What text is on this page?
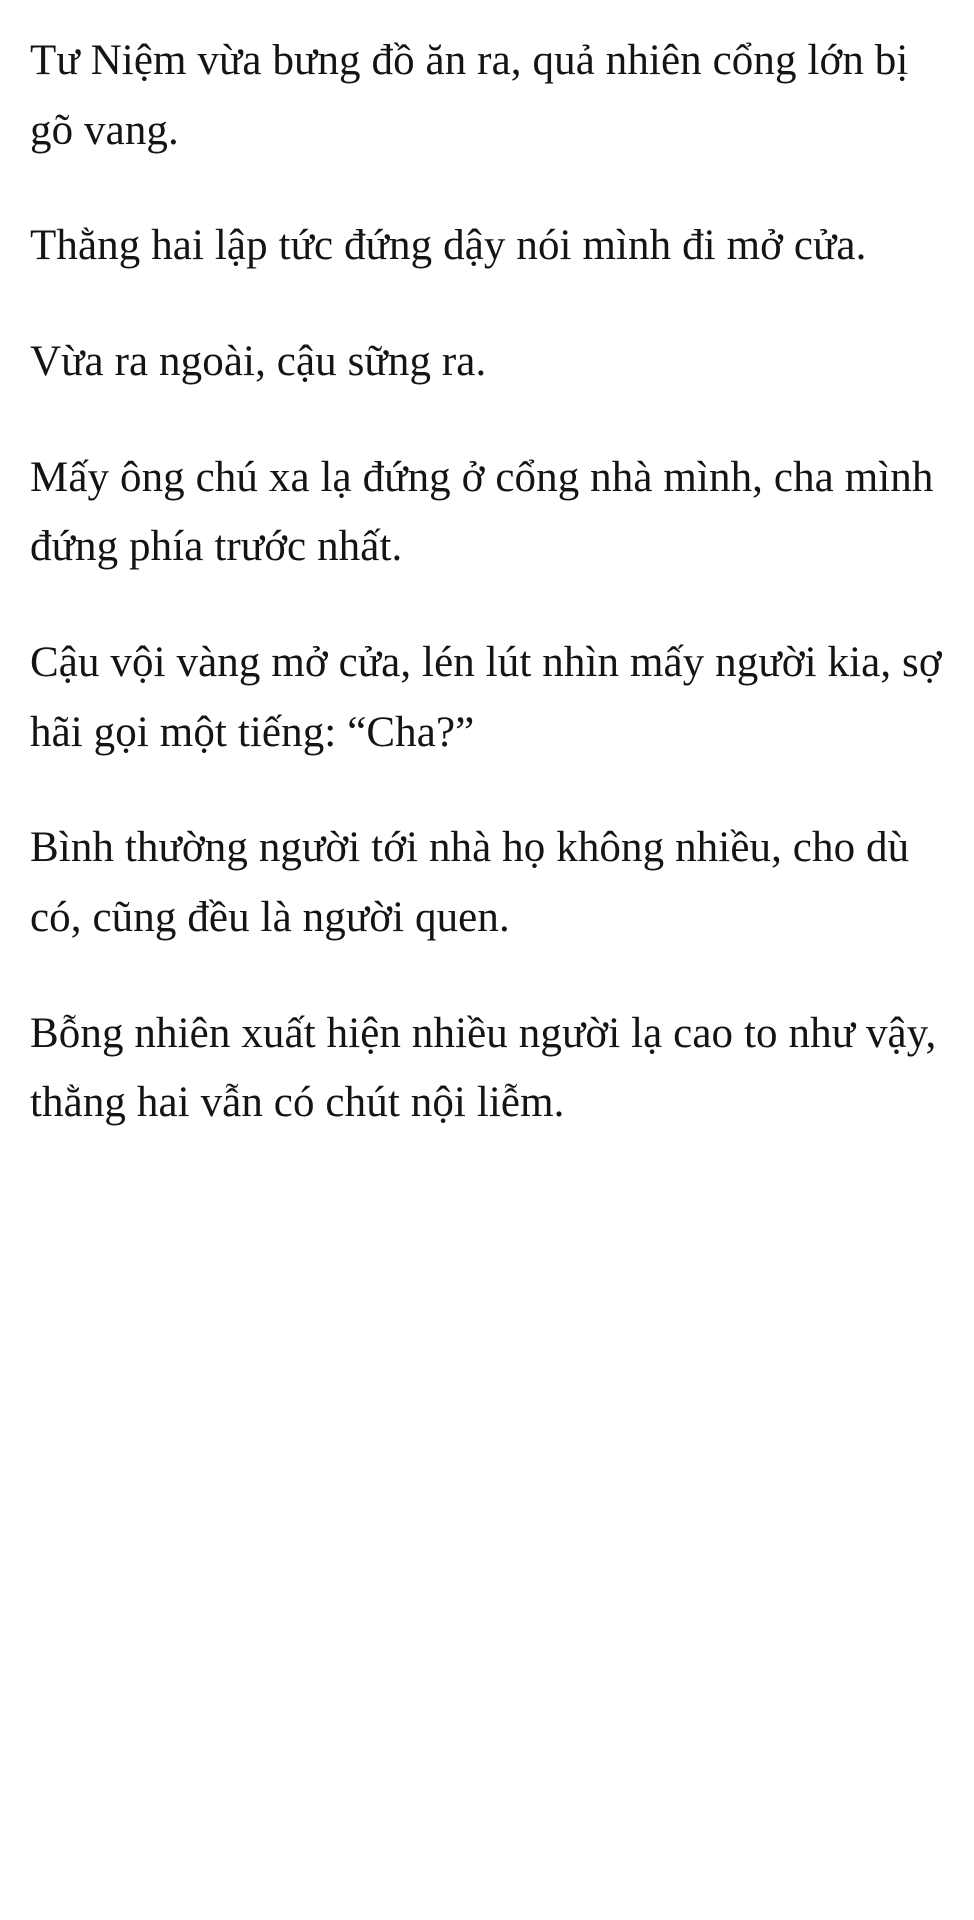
Tư Niệm vừa bưng đồ ăn ra, quả nhiên cổng lớn bị gõ vang.

Thằng hai lập tức đứng dậy nói mình đi mở cửa.

Vừa ra ngoài, cậu sững ra.

Mấy ông chú xa lạ đứng ở cổng nhà mình, cha mình đứng phía trước nhất.

Cậu vội vàng mở cửa, lén lút nhìn mấy người kia, sợ hãi gọi một tiếng: “Cha?”

Bình thường người tới nhà họ không nhiều, cho dù có, cũng đều là người quen.

Bỗng nhiên xuất hiện nhiều người lạ cao to như vậy, thằng hai vẫn có chút nội liễm.
